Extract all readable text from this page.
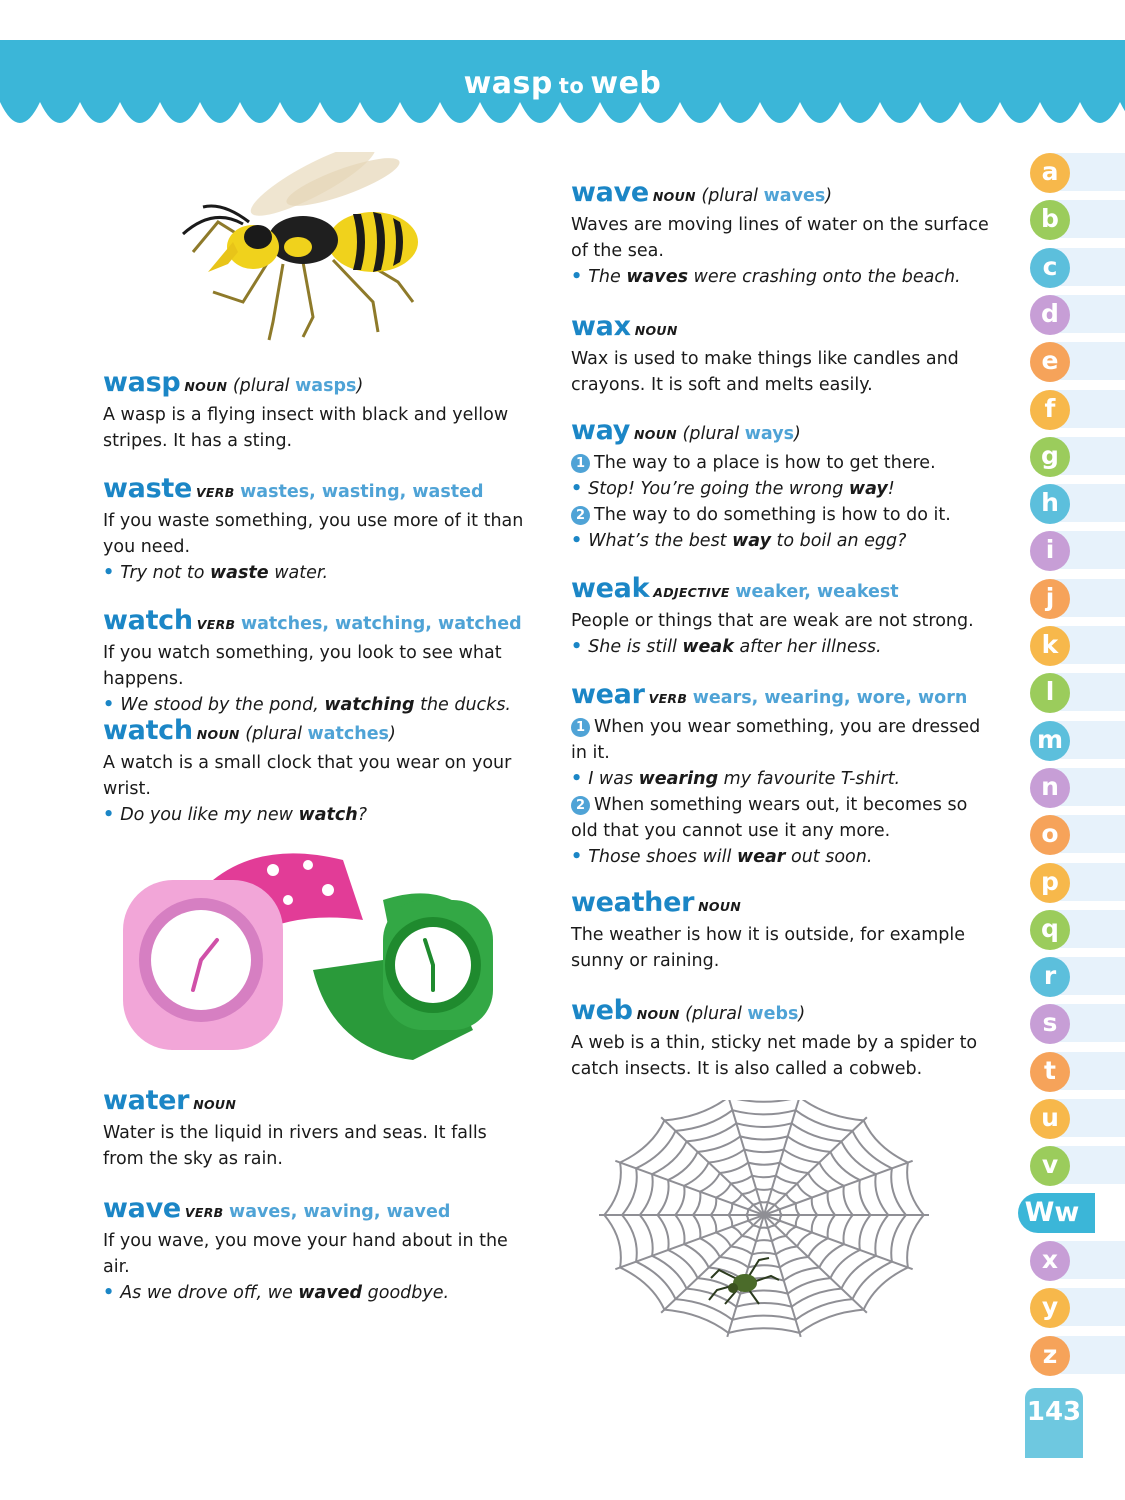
wasp to web
wasp NOUN (plural wasps)
A wasp is a flying insect with black and yellow stripes. It has a sting.
waste VERB wastes, wasting, wasted
If you waste something, you use more of it than you need.
• Try not to waste water.
watch VERB watches, watching, watched
If you watch something, you look to see what happens.
• We stood by the pond, watching the ducks.
watch NOUN (plural watches)
A watch is a small clock that you wear on your wrist.
• Do you like my new watch?
water NOUN
Water is the liquid in rivers and seas. It falls from the sky as rain.
wave VERB waves, waving, waved
If you wave, you move your hand about in the air.
• As we drove off, we waved goodbye.
wave NOUN (plural waves)
Waves are moving lines of water on the surface of the sea.
• The waves were crashing onto the beach.
wax NOUN
Wax is used to make things like candles and crayons. It is soft and melts easily.
way NOUN (plural ways)
1 The way to a place is how to get there.
• Stop! You’re going the wrong way!
2 The way to do something is how to do it.
• What’s the best way to boil an egg?
weak ADJECTIVE weaker, weakest
People or things that are weak are not strong.
• She is still weak after her illness.
wear VERB wears, wearing, wore, worn
1 When you wear something, you are dressed in it.
• I was wearing my favourite T-shirt.
2 When something wears out, it becomes so old that you cannot use it any more.
• Those shoes will wear out soon.
weather NOUN
The weather is how it is outside, for example sunny or raining.
web NOUN (plural webs)
A web is a thin, sticky net made by a spider to catch insects. It is also called a cobweb.
a
b
c
d
e
f
g
h
i
j
k
l
m
n
o
p
q
r
s
t
u
v
Ww
x
y
z
143
